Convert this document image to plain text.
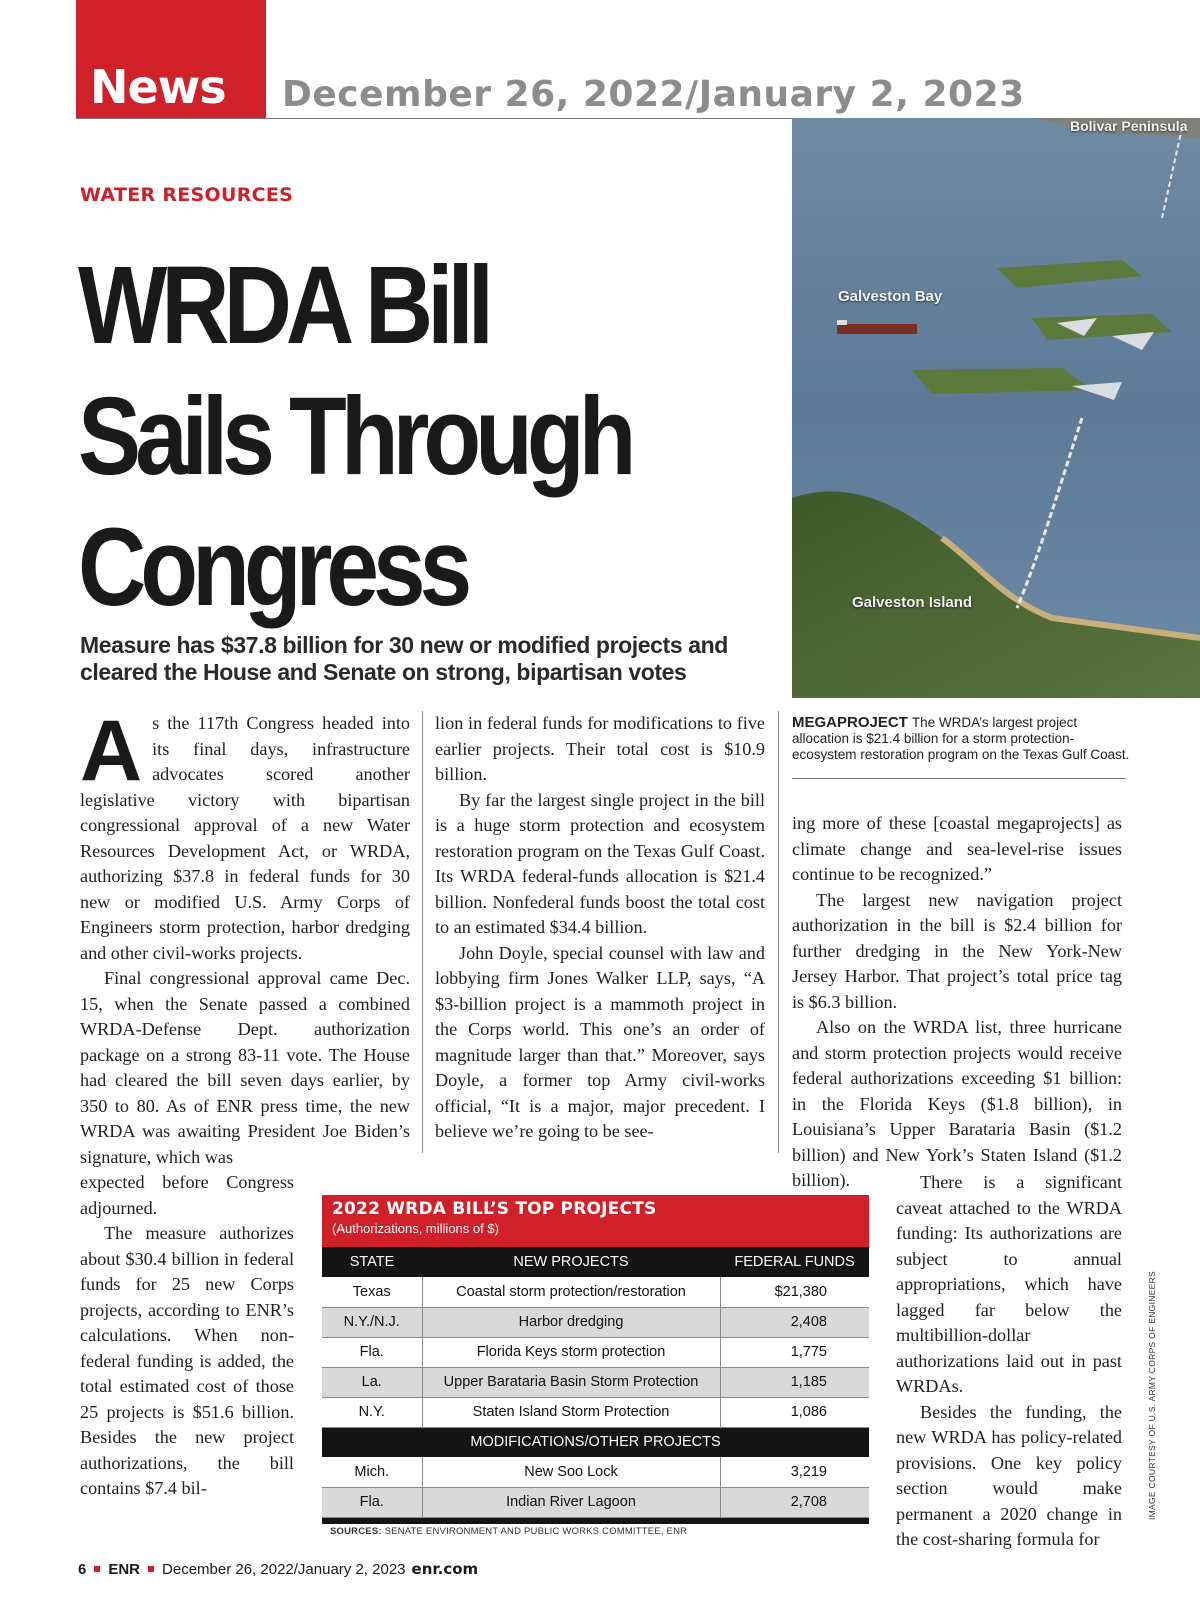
News December 26, 2022/January 2, 2023
Bolivar Peninsula
Galveston Bay
Galveston Island
WATER RESOURCES
WRDA Bill
Sails Through
Congress
Measure has $37.8 billion for 30 new or modified projects and cleared the House and Senate on strong, bipartisan votes
MEGAPROJECT The WRDA’s largest project allocation is $21.4 billion for a storm protection-ecosystem restoration program on the Texas Gulf Coast.
A s the 117th Congress headed into its final days, infrastructure advocates scored another legislative victory with bipartisan congressional approval of a new Water Resources Development Act, or WRDA, authorizing $37.8 in federal funds for 30 new or modified U.S. Army Corps of Engineers storm protection, harbor dredging and other civil-works projects.

Final congressional approval came Dec. 15, when the Senate passed a combined WRDA-Defense Dept. authorization package on a strong 83-11 vote. The House had cleared the bill seven days earlier, by 350 to 80. As of ENR press time, the new WRDA was awaiting President Joe Biden’s signature, which was

expected before Congress adjourned.

The measure authorizes about $30.4 billion in federal funds for 25 new Corps projects, according to ENR’s calculations. When non-federal funding is added, the total estimated cost of those 25 projects is $51.6 billion. Besides the new project authorizations, the bill contains $7.4 bil-

lion in federal funds for modifications to five earlier projects. Their total cost is $10.9 billion.

By far the largest single project in the bill is a huge storm protection and ecosystem restoration program on the Texas Gulf Coast. Its WRDA federal-funds allocation is $21.4 billion. Nonfederal funds boost the total cost to an estimated $34.4 billion.

John Doyle, special counsel with law and lobbying firm Jones Walker LLP, says, “A $3-billion project is a mammoth project in the Corps world. This one’s an order of magnitude larger than that.” Moreover, says Doyle, a former top Army civil-works official, “It is a major, major precedent. I believe we’re going to be see-

ing more of these [coastal megaprojects] as climate change and sea-level-rise issues continue to be recognized.”

The largest new navigation project authorization in the bill is $2.4 billion for further dredging in the New York-New Jersey Harbor. That project’s total price tag is $6.3 billion.

Also on the WRDA list, three hurricane and storm protection projects would receive federal authorizations exceeding $1 billion: in the Florida Keys ($1.8 billion), in Louisiana’s Upper Barataria Basin ($1.2 billion) and New York’s Staten Island ($1.2 billion).	There is a significant caveat attached to the WRDA funding: Its authorizations are subject to annual appropriations, which have lagged far below the multibillion-dollar authorizations laid out in past WRDAs.

Besides the funding, the new WRDA has policy-related provisions. One key policy section would make permanent a 2020 change in the cost-sharing formula for

2022 WRDA BILL’S TOP PROJECTS
(Authorizations, millions of $)
STATE	NEW PROJECTS	FEDERAL FUNDS
Texas	Coastal storm protection/restoration	$21,380
N.Y./N.J.	Harbor dredging	2,408
Fla.	Florida Keys storm protection	1,775
La.	Upper Barataria Basin Storm Protection	1,185
N.Y.	Staten Island Storm Protection	1,086
MODIFICATIONS/OTHER PROJECTS		
Mich.	New Soo Lock	3,219
Fla.	Indian River Lagoon	2,708
SOURCES: SENATE ENVIRONMENT AND PUBLIC WORKS COMMITTEE, ENR
6 ENR December 26, 2022/January 2, 2023 enr.com
IMAGE COURTESY OF U.S. ARMY CORPS OF ENGINEERS
